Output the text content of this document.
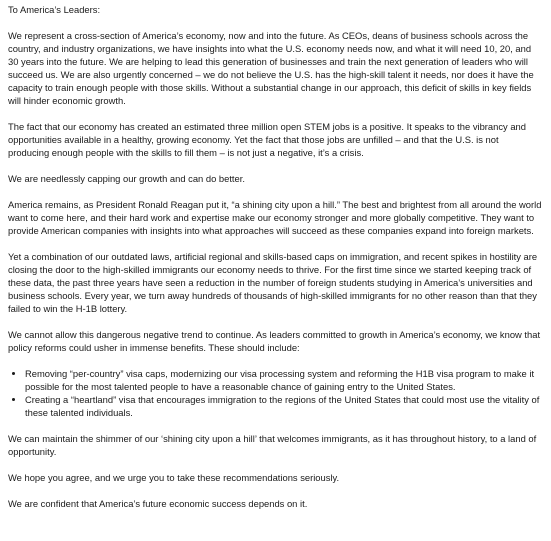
To America’s Leaders:

We represent a cross-section of America’s economy, now and into the future. As CEOs, deans of business schools across the country, and industry organizations, we have insights into what the U.S. economy needs now, and what it will need 10, 20, and 30 years into the future. We are helping to lead this generation of businesses and train the next generation of leaders who will succeed us. We are also urgently concerned – we do not believe the U.S. has the high-skill talent it needs, nor does it have the capacity to train enough people with those skills. Without a substantial change in our approach, this deficit of skills in key fields will hinder economic growth.

The fact that our economy has created an estimated three million open STEM jobs is a positive. It speaks to the vibrancy and opportunities available in a healthy, growing economy. Yet the fact that those jobs are unfilled – and that the U.S. is not producing enough people with the skills to fill them – is not just a negative, it’s a crisis.

We are needlessly capping our growth and can do better.

America remains, as President Ronald Reagan put it, “a shining city upon a hill.” The best and brightest from all around the world want to come here, and their hard work and expertise make our economy stronger and more globally competitive. They want to provide American companies with insights into what approaches will succeed as these companies expand into foreign markets.

Yet a combination of our outdated laws, artificial regional and skills-based caps on immigration, and recent spikes in hostility are closing the door to the high-skilled immigrants our economy needs to thrive. For the first time since we started keeping track of these data, the past three years have seen a reduction in the number of foreign students studying in America’s universities and business schools. Every year, we turn away hundreds of thousands of high-skilled immigrants for no other reason than that they failed to win the H-1B lottery.

We cannot allow this dangerous negative trend to continue. As leaders committed to growth in America’s economy, we know that policy reforms could usher in immense benefits. These should include:

• Removing “per-country” visa caps, modernizing our visa processing system and reforming the H1B visa program to make it possible for the most talented people to have a reasonable chance of gaining entry to the United States.
• Creating a “heartland” visa that encourages immigration to the regions of the United States that could most use the vitality of these talented individuals.

We can maintain the shimmer of our ‘shining city upon a hill’ that welcomes immigrants, as it has throughout history, to a land of opportunity.

We hope you agree, and we urge you to take these recommendations seriously.

We are confident that America’s future economic success depends on it.
